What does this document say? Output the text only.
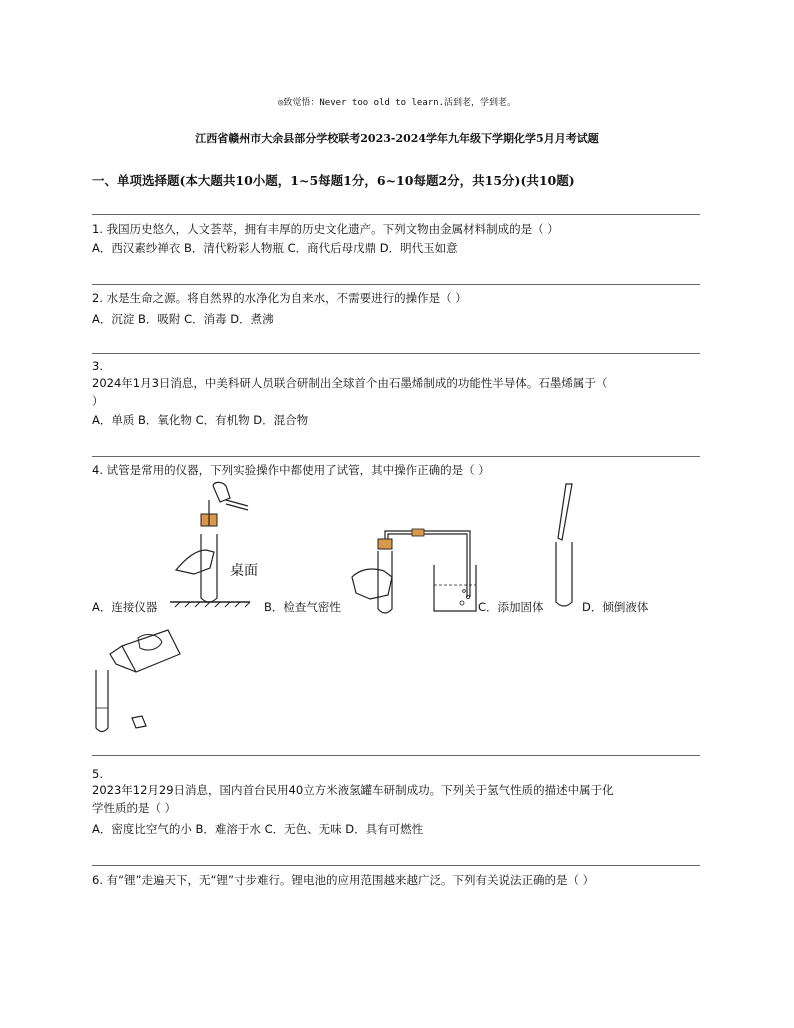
◎致觉悟：Never too old to learn.活到老，学到老。
江西省赣州市大余县部分学校联考2023-2024学年九年级下学期化学5月月考试题
一、单项选择题(本大题共10小题，1~5每题1分，6~10每题2分，共15分)(共10题)
1. 我国历史悠久，人文荟萃，拥有丰厚的历史文化遗产。下列文物由金属材料制成的是（ ）
A．西汉素纱禅衣 B．清代粉彩人物瓶 C．商代后母戊鼎 D．明代玉如意
2. 水是生命之源。将自然界的水净化为自来水，不需要进行的操作是（ ）
A．沉淀 B．吸附 C．消毒 D．煮沸
3.
2024年1月3日消息，中美科研人员联合研制出全球首个由石墨烯制成的功能性半导体。石墨烯属于（
）
A．单质 B．氧化物 C．有机物 D．混合物
4. 试管是常用的仪器，下列实验操作中都使用了试管，其中操作正确的是（ ）
桌面
A．连接仪器	B．检查气密性	C．添加固体	D．倾倒液体
5.
2023年12月29日消息，国内首台民用40立方米液氢罐车研制成功。下列关于氢气性质的描述中属于化
学性质的是（ ）
A．密度比空气的小 B．难溶于水 C．无色、无味 D．具有可燃性
6. 有“锂”走遍天下，无“锂”寸步难行。锂电池的应用范围越来越广泛。下列有关说法正确的是（ ）
